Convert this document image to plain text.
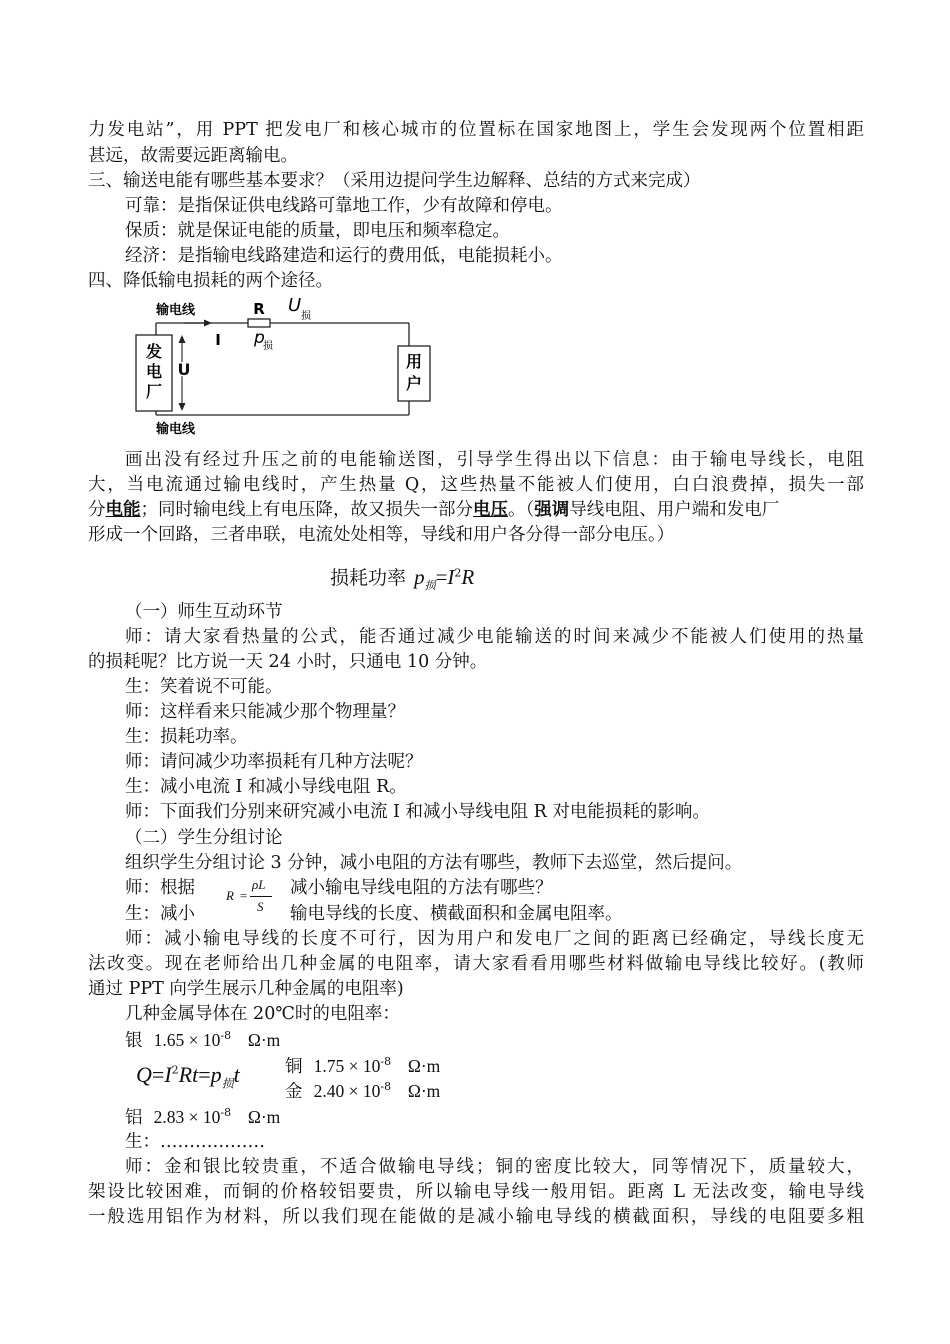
力发电站”，用 PPT 把发电厂和核心城市的位置标在国家地图上，学生会发现两个位置相距
甚远，故需要远距离输电。
三、输送电能有哪些基本要求？（采用边提问学生边解释、总结的方式来完成）
可靠：是指保证供电线路可靠地工作，少有故障和停电。
保质：就是保证电能的质量，即电压和频率稳定。
经济：是指输电线路建造和运行的费用低，电能损耗小。
四、降低输电损耗的两个途径。
发
电
厂
用
户
R
I
U
输电线
输电线
U
损
p
损
画出没有经过升压之前的电能输送图，引导学生得出以下信息：由于输电导线长，电阻
大，当电流通过输电线时，产生热量 Q，这些热量不能被人们使用，白白浪费掉，损失一部
分电能；同时输电线上有电压降，故又损失一部分电压。（强调导线电阻、用户端和发电厂
形成一个回路，三者串联，电流处处相等，导线和用户各分得一部分电压。）
损耗功率 $p_损=I^2R$
（一）师生互动环节
师：请大家看热量的公式，能否通过减少电能输送的时间来减少不能被人们使用的热量
的损耗呢？比方说一天 24 小时，只通电 10 分钟。
生：笑着说不可能。
师：这样看来只能减少那个物理量？
生：损耗功率。
师：请问减少功率损耗有几种方法呢？
生：减小电流 I 和减小导线电阻 R。
师：下面我们分别来研究减小电流 I 和减小导线电阻 R 对电能损耗的影响。
（二）学生分组讨论
组织学生分组讨论 3 分钟，减小电阻的方法有哪些，教师下去巡堂，然后提问。
师：根据	减小输电导线电阻的方法有哪些？
生：减小	输电导线的长度、横截面积和金属电阻率。
R =
ρL
S
师：减小输电导线的长度不可行，因为用户和发电厂之间的距离已经确定，导线长度无
法改变。现在老师给出几种金属的电阻率，请大家看看用哪些材料做输电导线比较好。(教师
通过 PPT 向学生展示几种金属的电阻率)
几种金属导体在 20℃时的电阻率：
银 $1.65 \times 10^{-8}$ Ω·m
$Q=I^2Rt=p_损t$	铜 $1.75 \times 10^{-8}$ Ω·m
金 $2.40 \times 10^{-8}$ Ω·m
铝 $2.83 \times 10^{-8}$ Ω·m
生：………………
师：金和银比较贵重，不适合做输电导线；铜的密度比较大，同等情况下，质量较大，
架设比较困难，而铜的价格较铝要贵，所以输电导线一般用铝。距离 L 无法改变，输电导线
一般选用铝作为材料，所以我们现在能做的是减小输电导线的横截面积，导线的电阻要多粗
